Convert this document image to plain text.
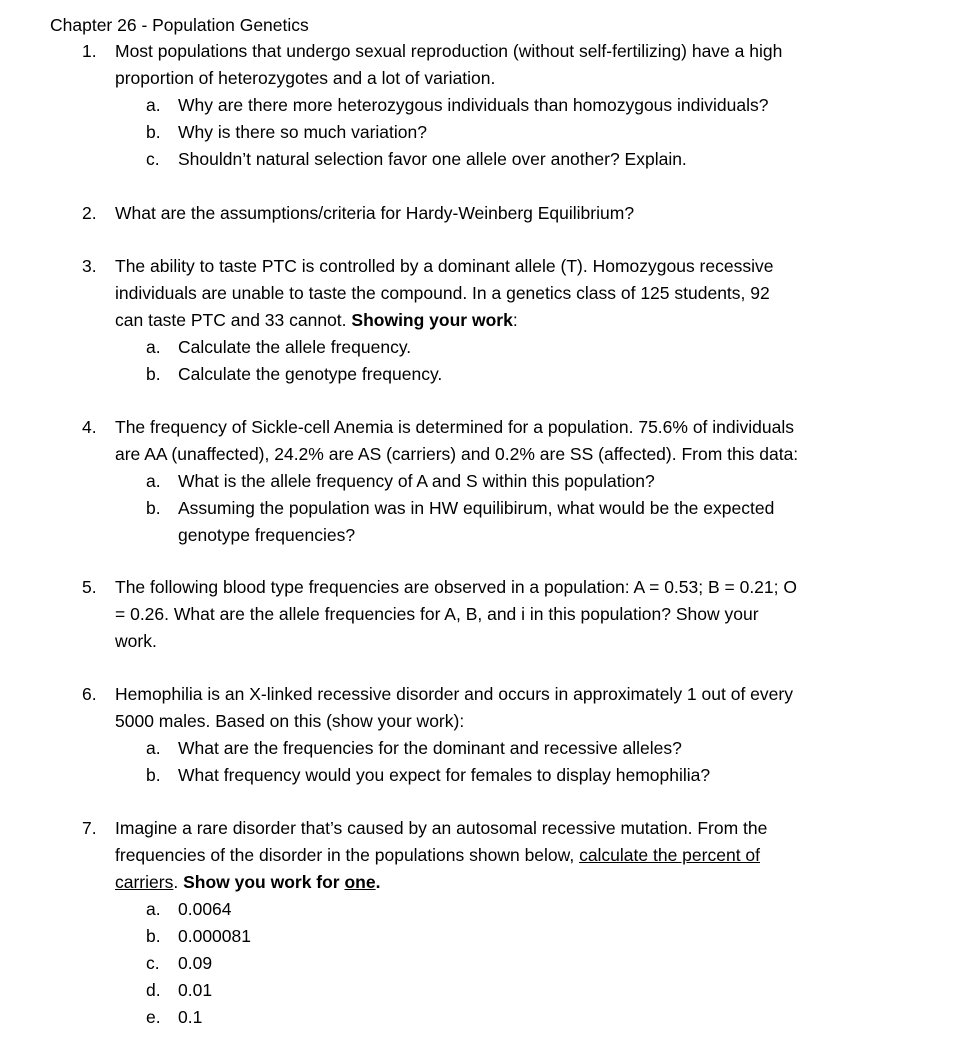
Chapter 26 - Population Genetics
1. Most populations that undergo sexual reproduction (without self-fertilizing) have a high
proportion of heterozygotes and a lot of variation.
a. Why are there more heterozygous individuals than homozygous individuals?
b. Why is there so much variation?
c. Shouldn’t natural selection favor one allele over another? Explain.
2. What are the assumptions/criteria for Hardy-Weinberg Equilibrium?
3. The ability to taste PTC is controlled by a dominant allele (T). Homozygous recessive
individuals are unable to taste the compound. In a genetics class of 125 students, 92
can taste PTC and 33 cannot. Showing your work:
a. Calculate the allele frequency.
b. Calculate the genotype frequency.
4. The frequency of Sickle-cell Anemia is determined for a population. 75.6% of individuals
are AA (unaffected), 24.2% are AS (carriers) and 0.2% are SS (affected). From this data:
a. What is the allele frequency of A and S within this population?
b. Assuming the population was in HW equilibirum, what would be the expected
genotype frequencies?
5. The following blood type frequencies are observed in a population: A = 0.53; B = 0.21; O
= 0.26. What are the allele frequencies for A, B, and i in this population? Show your
work.
6. Hemophilia is an X-linked recessive disorder and occurs in approximately 1 out of every
5000 males. Based on this (show your work):
a. What are the frequencies for the dominant and recessive alleles?
b. What frequency would you expect for females to display hemophilia?
7. Imagine a rare disorder that’s caused by an autosomal recessive mutation. From the
frequencies of the disorder in the populations shown below, calculate the percent of
carriers. Show you work for one.
a. 0.0064
b. 0.000081
c. 0.09
d. 0.01
e. 0.1
